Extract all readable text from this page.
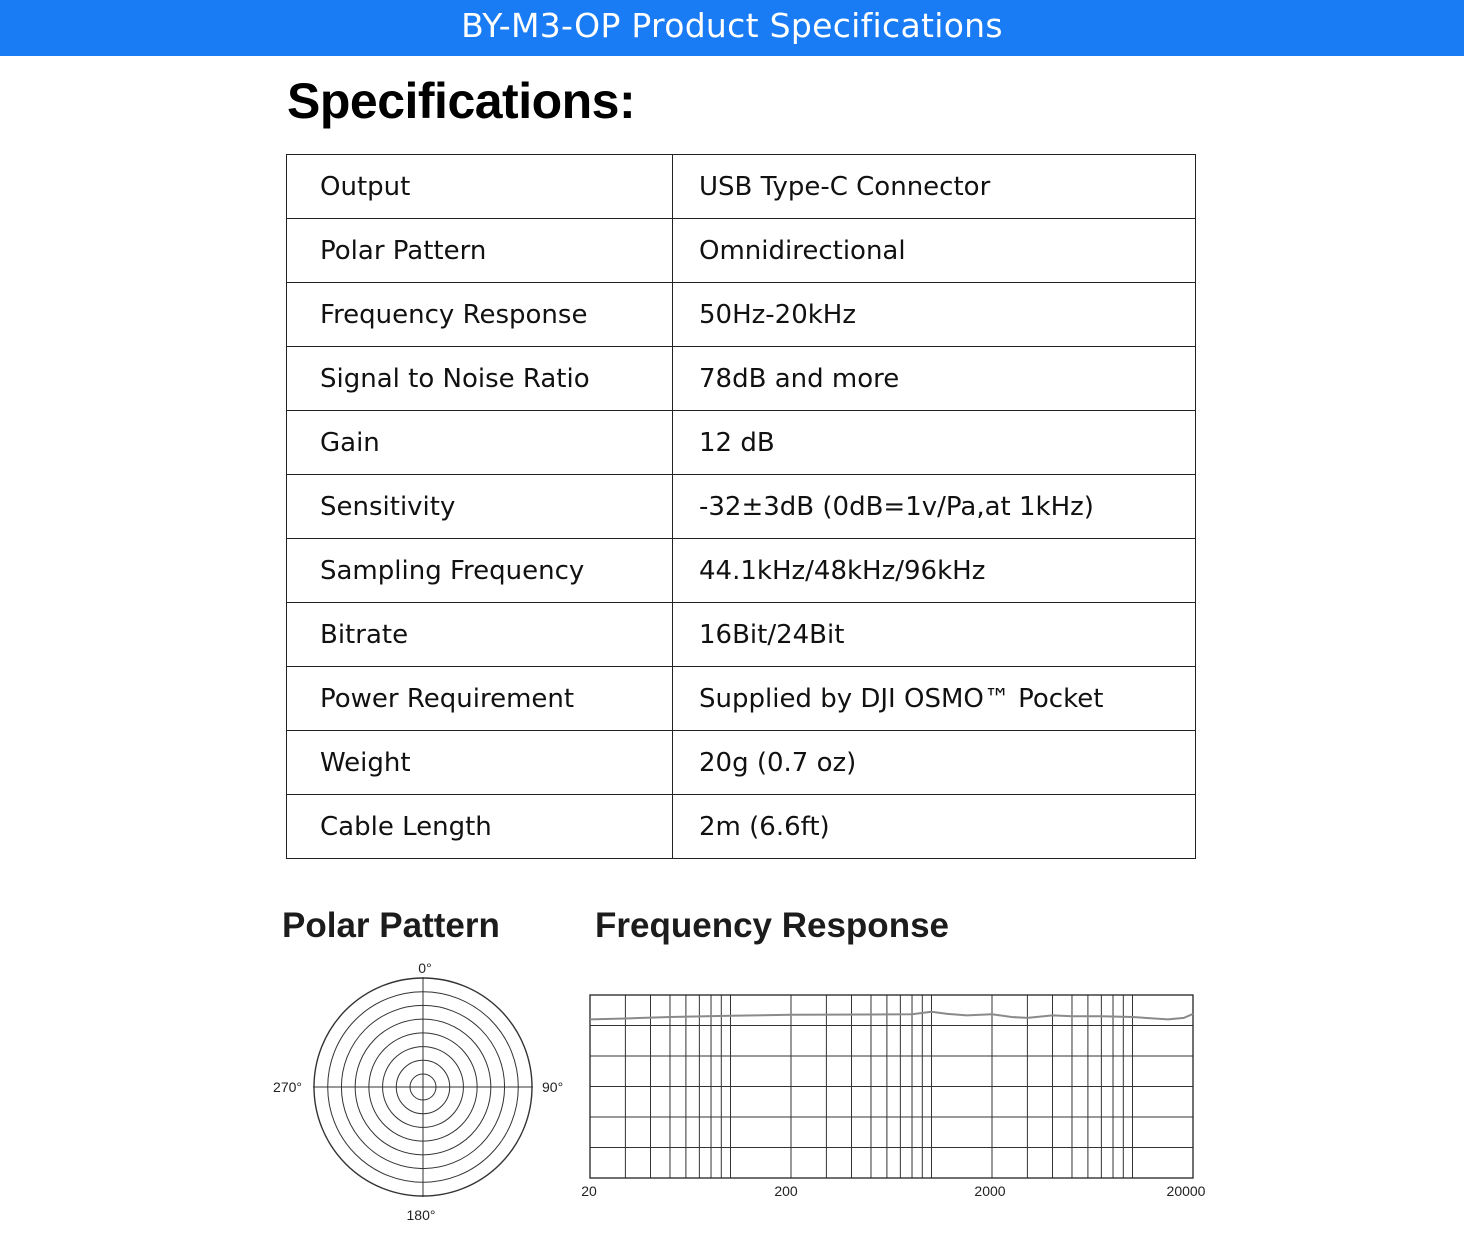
BY-M3-OP Product Specifications
Specifications:
Output	USB Type-C Connector
Polar Pattern	Omnidirectional
Frequency Response	50Hz-20kHz
Signal to Noise Ratio	78dB and more
Gain	12 dB
Sensitivity	-32±3dB (0dB=1v/Pa,at 1kHz)
Sampling Frequency	44.1kHz/48kHz/96kHz
Bitrate	16Bit/24Bit
Power Requirement	Supplied by DJI OSMO™ Pocket
Weight	20g (0.7 oz)
Cable Length	2m (6.6ft)
Polar Pattern	Frequency Response
0°
90°
180°
270°
20	200	2000	20000
